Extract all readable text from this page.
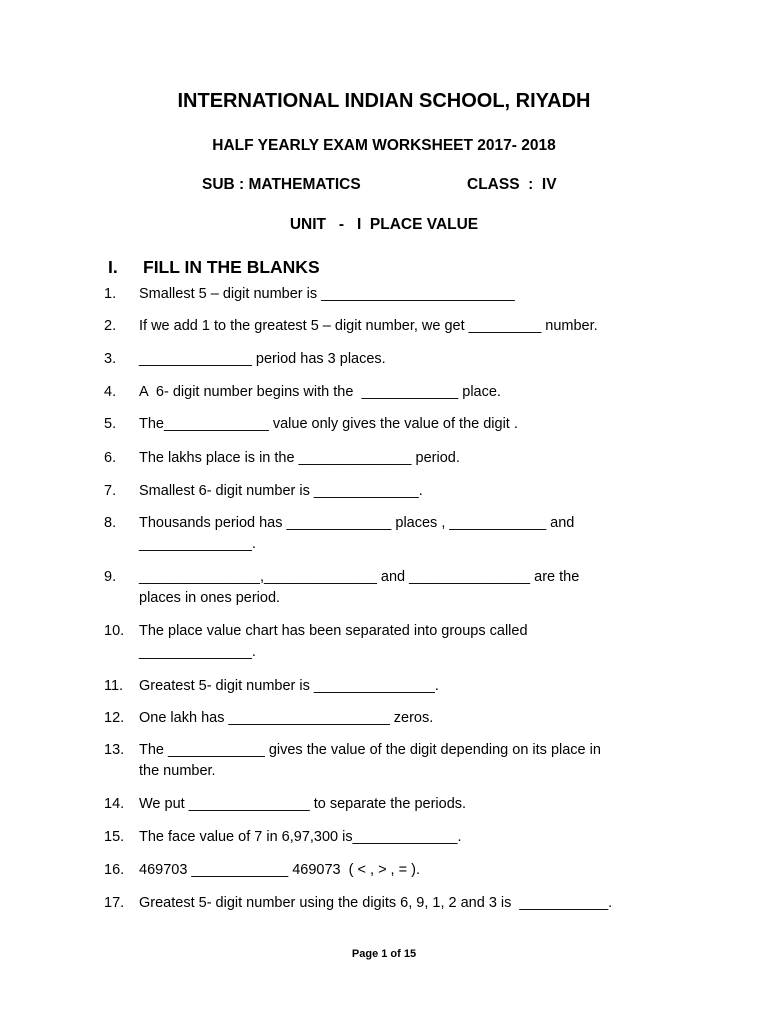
INTERNATIONAL INDIAN SCHOOL, RIYADH
HALF YEARLY EXAM WORKSHEET 2017- 2018
SUB : MATHEMATICS	CLASS  :  IV
UNIT   -   I  PLACE VALUE
I. FILL IN THE BLANKS
1. Smallest 5 – digit number is ________________________
2. If we add 1 to the greatest 5 – digit number, we get _________ number.
3. ______________ period has 3 places.
4. A  6- digit number begins with the  ____________ place.
5. The_____________ value only gives the value of the digit .
6. The lakhs place is in the ______________ period.
7. Smallest 6- digit number is _____________.
8. Thousands period has _____________ places , ____________ and
______________.
9. _______________,______________ and _______________ are the
places in ones period.
10. The place value chart has been separated into groups called
______________.
11. Greatest 5- digit number is _______________.
12. One lakh has ____________________ zeros.
13. The ____________ gives the value of the digit depending on its place in
the number.
14. We put _______________ to separate the periods.
15. The face value of 7 in 6,97,300 is_____________.
16. 469703 ____________ 469073  ( < , > , = ).
17. Greatest 5- digit number using the digits 6, 9, 1, 2 and 3 is  ___________.
Page 1 of 15
